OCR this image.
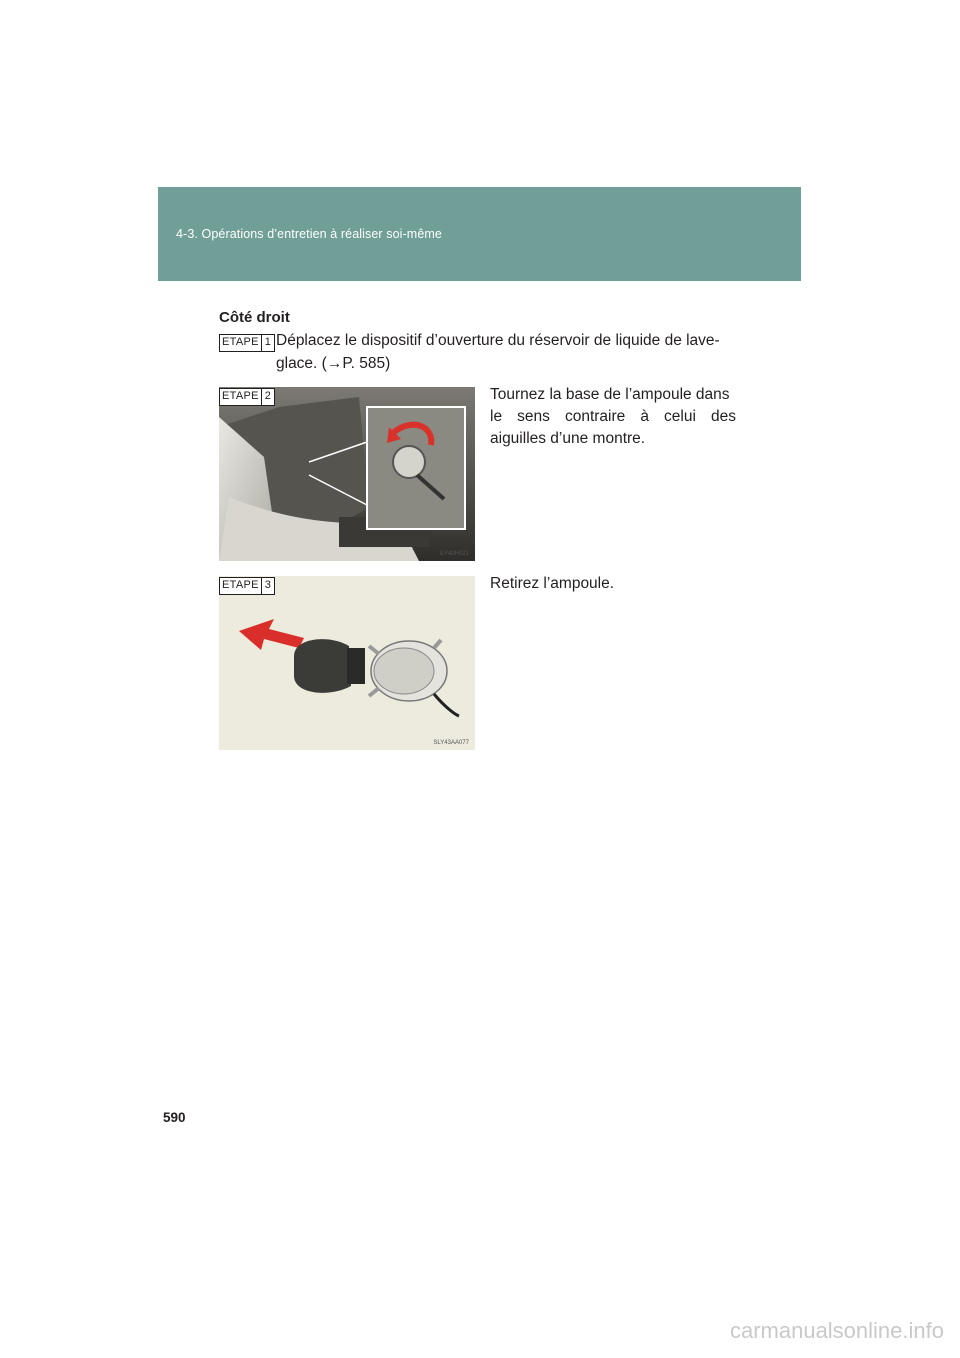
4-3. Opérations d’entretien à réaliser soi-même
Côté droit
ETAPE 1 Déplacez le dispositif d’ouverture du réservoir de liquide de lave-
glace. (→P. 585)
ILY42H021
ETAPE 2	Tournez la base de l’ampoule dans
le sens contraire à celui des
aiguilles d’une montre.
SLY43AA077
ETAPE 3	Retirez l’ampoule.
590
carmanualsonline.info
